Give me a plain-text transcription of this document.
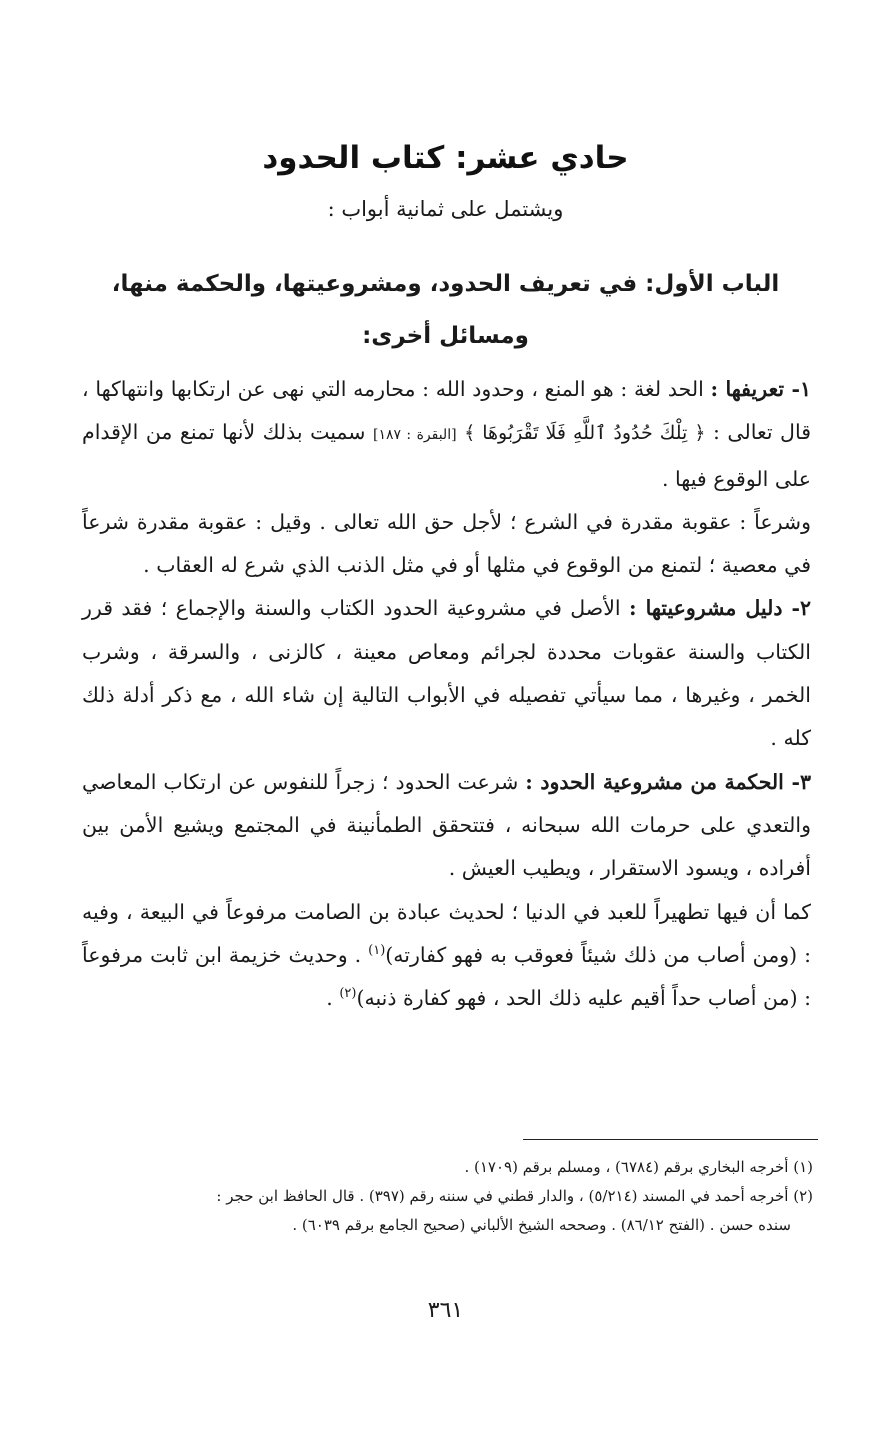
حادي عشر: كتاب الحدود
ويشتمل على ثمانية أبواب :
الباب الأول: في تعريف الحدود، ومشروعيتها، والحكمة منها، ومسائل أخرى:

١- تعريفها : الحد لغة : هو المنع ، وحدود الله : محارمه التي نهى عن ارتكابها وانتهاكها ، قال تعالى : ﴿ تِلْكَ حُدُودُ ٱللَّهِ فَلَا تَقْرَبُوهَا ﴾ [البقرة : ١٨٧] سميت بذلك لأنها تمنع من الإقدام على الوقوع فيها .

وشرعاً : عقوبة مقدرة في الشرع ؛ لأجل حق الله تعالى . وقيل : عقوبة مقدرة شرعاً في معصية ؛ لتمنع من الوقوع في مثلها أو في مثل الذنب الذي شرع له العقاب .

٢- دليل مشروعيتها : الأصل في مشروعية الحدود الكتاب والسنة والإجماع ؛ فقد قرر الكتاب والسنة عقوبات محددة لجرائم ومعاص معينة ، كالزنى ، والسرقة ، وشرب الخمر ، وغيرها ، مما سيأتي تفصيله في الأبواب التالية إن شاء الله ، مع ذكر أدلة ذلك كله .

٣- الحكمة من مشروعية الحدود : شرعت الحدود ؛ زجراً للنفوس عن ارتكاب المعاصي والتعدي على حرمات الله سبحانه ، فتتحقق الطمأنينة في المجتمع ويشيع الأمن بين أفراده ، ويسود الاستقرار ، ويطيب العيش .

كما أن فيها تطهيراً للعبد في الدنيا ؛ لحديث عبادة بن الصامت مرفوعاً في البيعة ، وفيه : (ومن أصاب من ذلك شيئاً فعوقب به فهو كفارته)$^{(١)}$ . وحديث خزيمة ابن ثابت مرفوعاً : (من أصاب حداً أقيم عليه ذلك الحد ، فهو كفارة ذنبه)$^{(٢)}$ .

(١) أخرجه البخاري برقم (٦٧٨٤) ، ومسلم برقم (١٧٠٩) .

(٢) أخرجه أحمد في المسند (٥/٢١٤) ، والدار قطني في سننه رقم (٣٩٧) . قال الحافظ ابن حجر :

سنده حسن . (الفتح ٨٦/١٢) . وصححه الشيخ الألباني (صحيح الجامع برقم ٦٠٣٩) .

٣٦١
